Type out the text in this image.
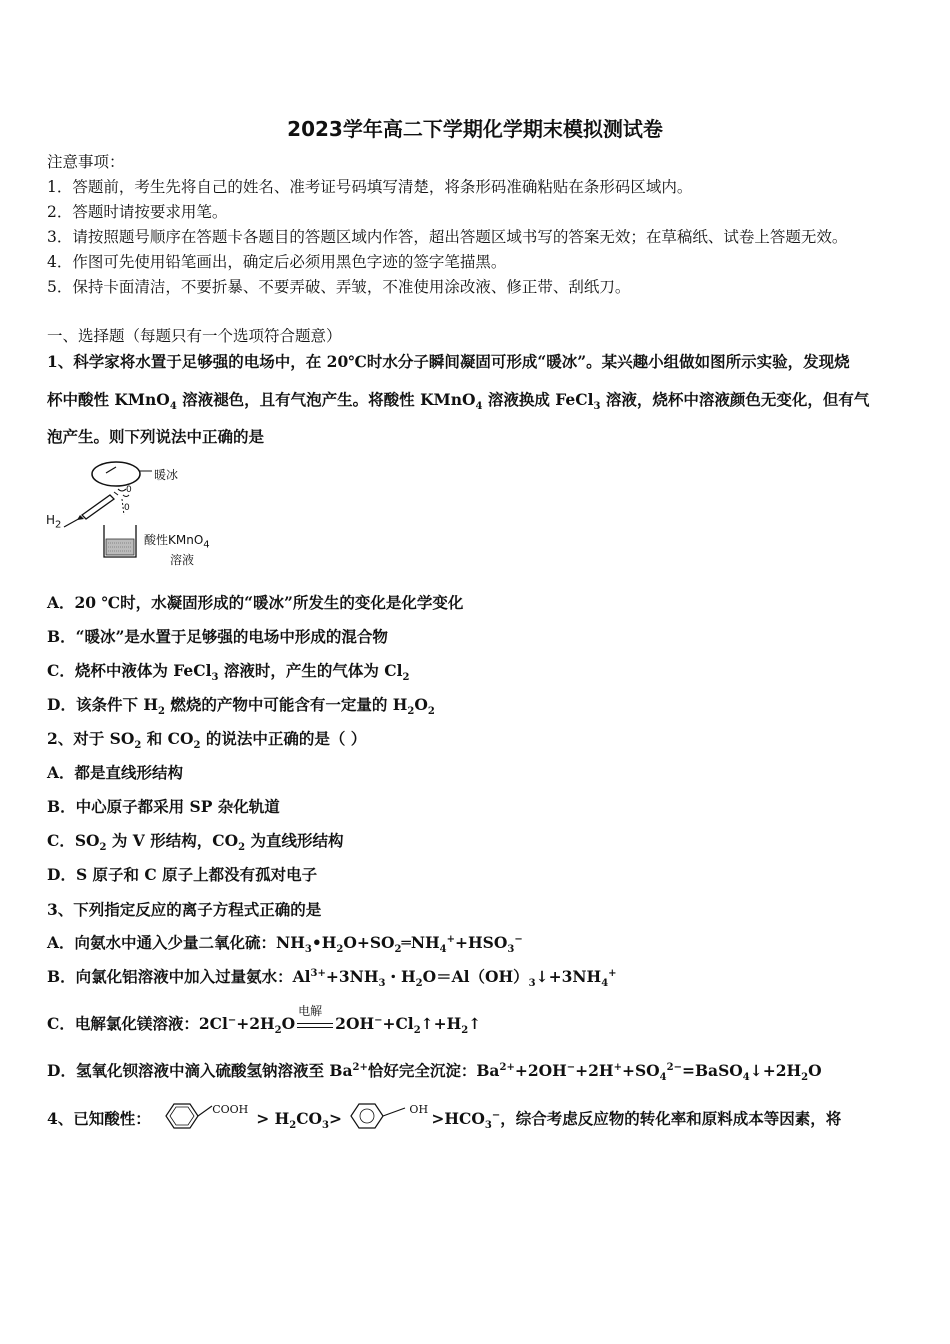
2023学年高二下学期化学期末模拟测试卷
注意事项：
1．答题前，考生先将自己的姓名、准考证号码填写清楚，将条形码准确粘贴在条形码区域内。
2．答题时请按要求用笔。
3．请按照题号顺序在答题卡各题目的答题区域内作答，超出答题区域书写的答案无效；在草稿纸、试卷上答题无效。
4．作图可先使用铅笔画出，确定后必须用黑色字迹的签字笔描黑。
5．保持卡面清洁，不要折暴、不要弄破、弄皱，不准使用涂改液、修正带、刮纸刀。
一、选择题（每题只有一个选项符合题意）
1、科学家将水置于足够强的电场中，在 20℃时水分子瞬间凝固可形成“暖冰”。某兴趣小组做如图所示实验，发现烧
杯中酸性 KMnO$_4$ 溶液褪色，且有气泡产生。将酸性 KMnO$_4$ 溶液换成 FeCl$_3$ 溶液，烧杯中溶液颜色无变化，但有气
泡产生。则下列说法中正确的是
暖冰
$H_2$
0
0
酸性KMnO$_4$
溶液
A．20 ℃时，水凝固形成的“暖冰”所发生的变化是化学变化
B．“暖冰”是水置于足够强的电场中形成的混合物
C．烧杯中液体为 FeCl$_3$ 溶液时，产生的气体为 $Cl_2$
D．该条件下 $H_2$ 燃烧的产物中可能含有一定量的 $H_2O_2$
2、对于 $SO_2$ 和 $CO_2$ 的说法中正确的是（ ）
A．都是直线形结构
B．中心原子都采用 SP 杂化轨道
C．$SO_2$ 为 V 形结构，$CO_2$ 为直线形结构
D．S 原子和 C 原子上都没有孤对电子
3、下列指定反应的离子方程式正确的是
A．向氨水中通入少量二氧化硫：$NH_3•H_2O+SO_2═NH_4^++HSO_3^-$
B．向氯化铝溶液中加入过量氨水：$Al^{3+}+3NH_3$・$H_2O=Al(OH)_3↓+3NH_4^+$
C．电解氯化镁溶液：$2Cl^-+2H_2O$
电解
$2OH^-+Cl_2↑+H_2↑$
D．氢氧化钡溶液中滴入硫酸氢钠溶液至 $Ba^{2+}$恰好完全沉淀：$Ba^{2+}+2OH^-+2H^++SO_4^{2-}=BaSO_4↓+2H_2O$
4、已知酸性：	COOH > $H_2CO_3>$	OH $>HCO_3^-$，综合考虑反应物的转化率和原料成本等因素，将
